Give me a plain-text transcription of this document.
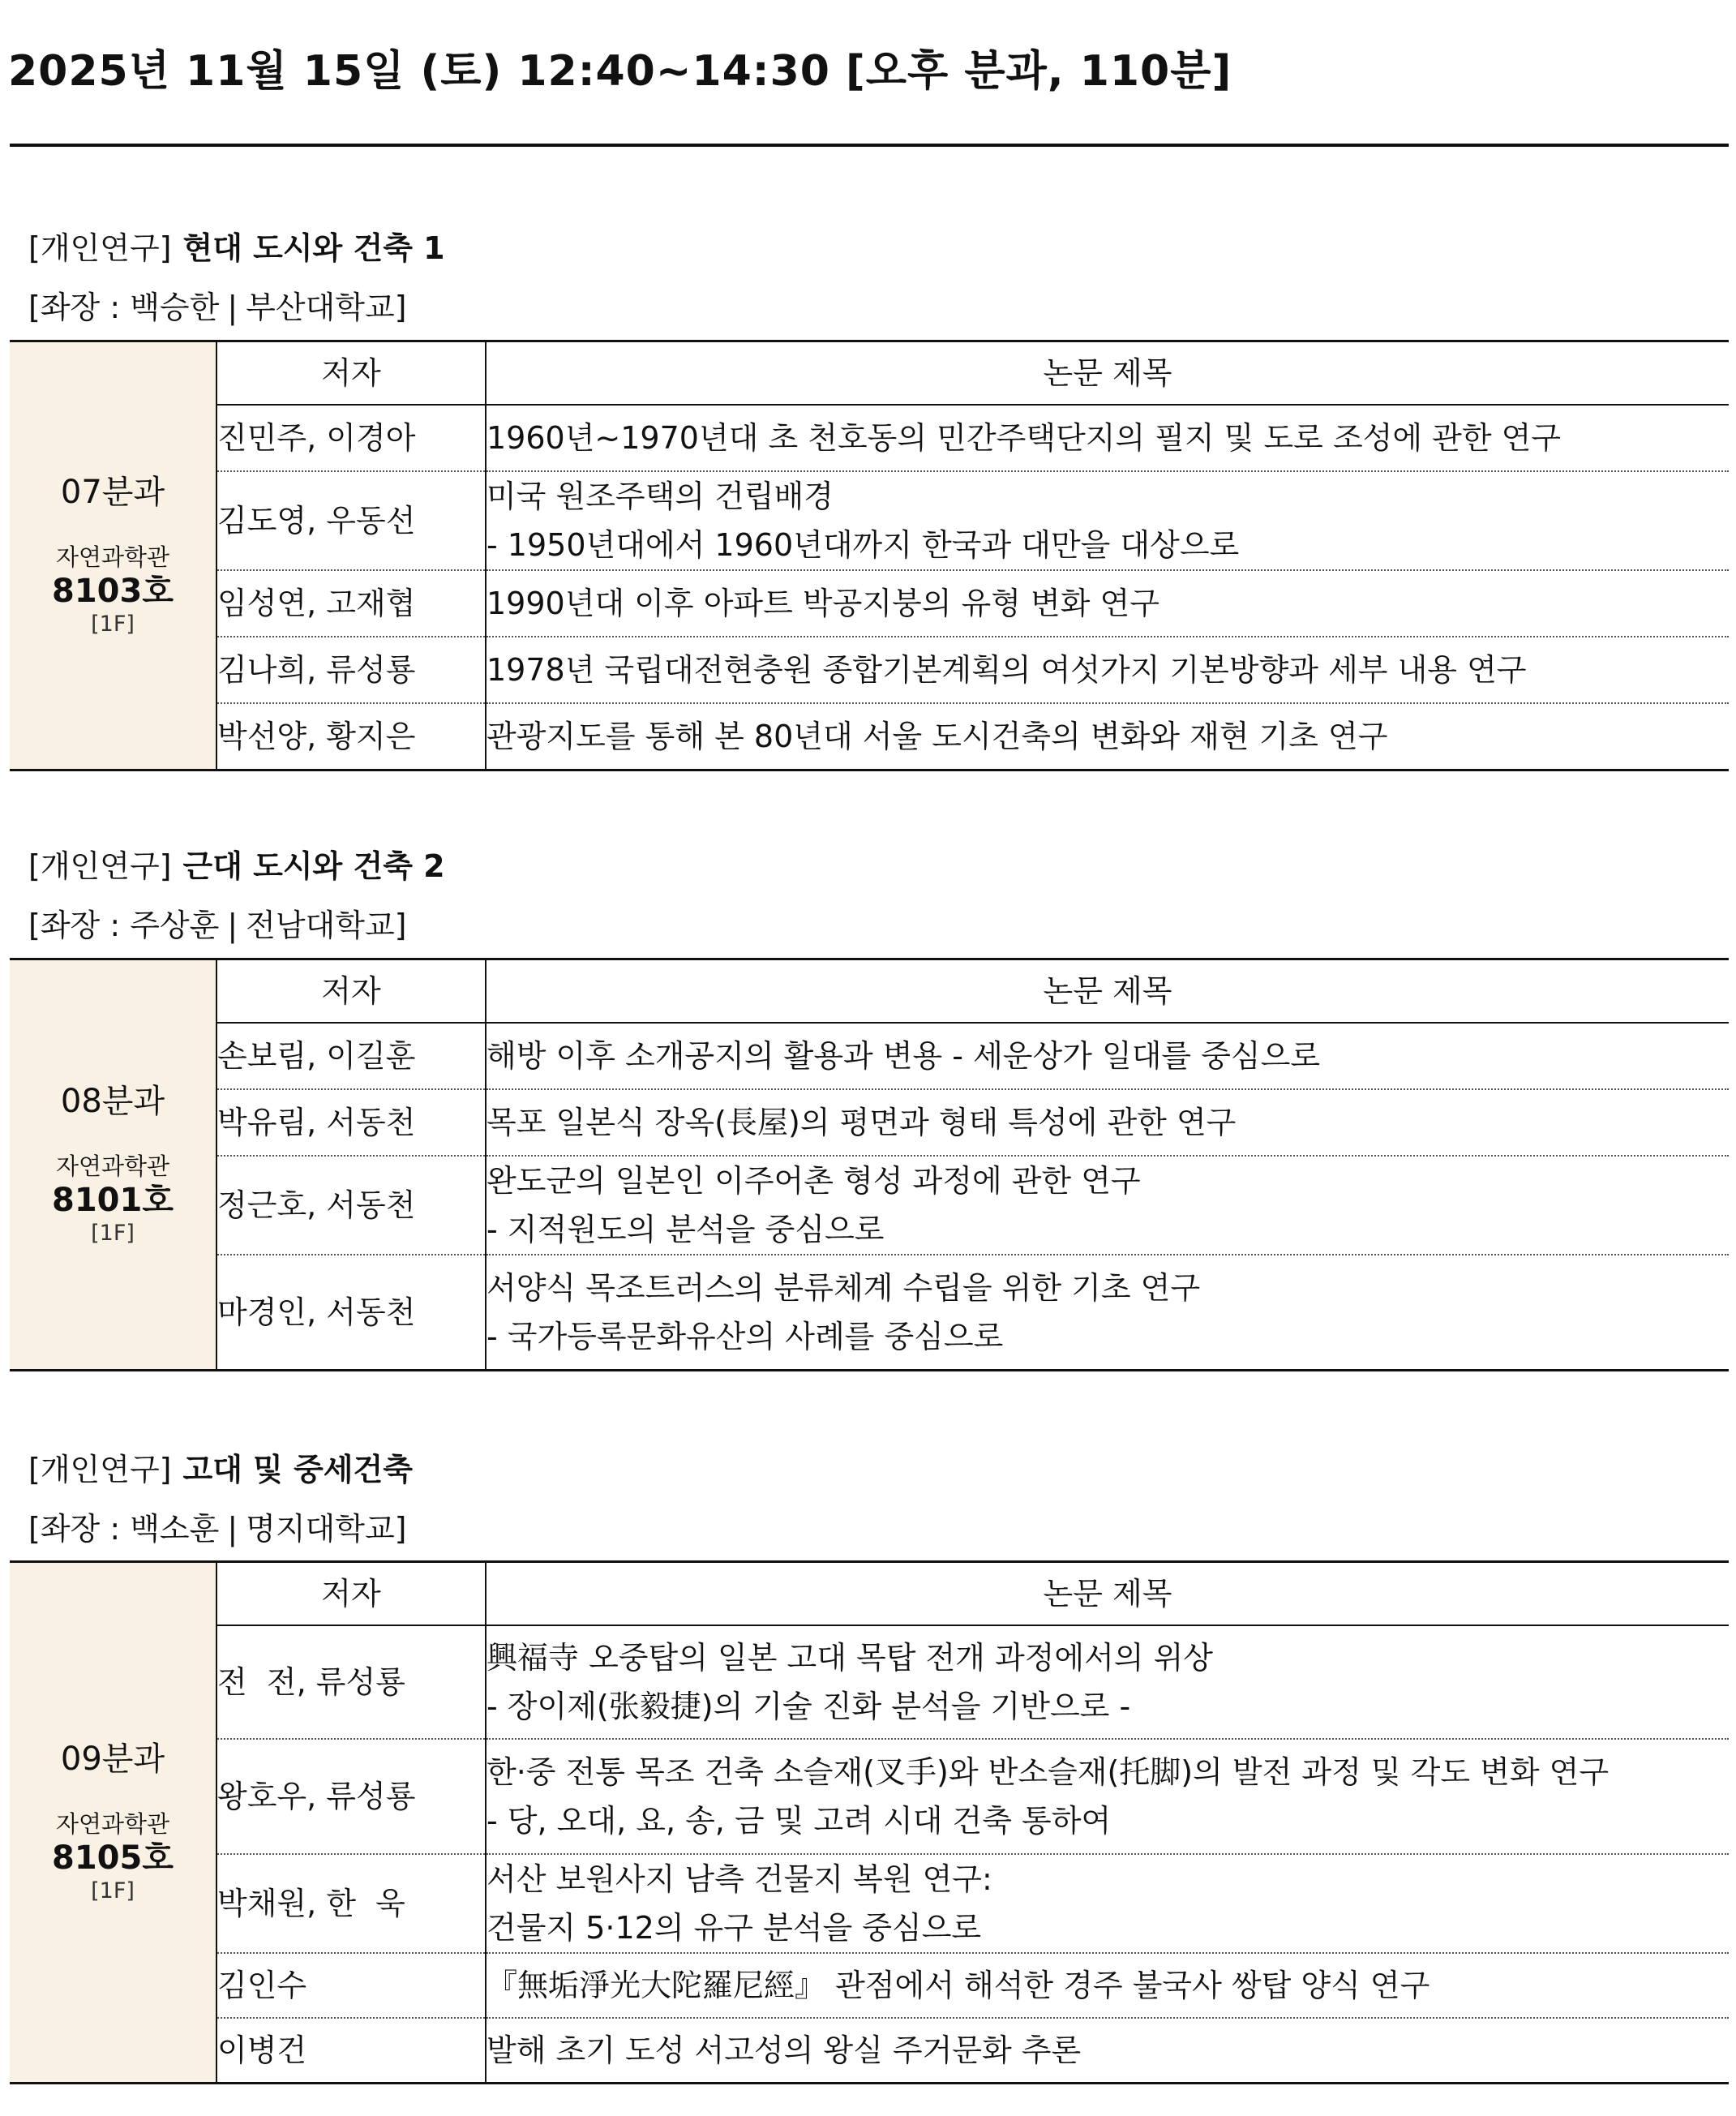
2025년 11월 15일 (토) 12:40~14:30 [오후 분과, 110분]
[개인연구] 현대 도시와 건축 1
[좌장 : 백승한 | 부산대학교]
07분과
자연과학관
8103호
[1F]	저자	논문 제목
	진민주, 이경아	1960년~1970년대 초 천호동의 민간주택단지의 필지 및 도로 조성에 관한 연구

	김도영, 우동선	미국 원조주택의 건립배경
- 1950년대에서 1960년대까지 한국과 대만을 대상으로

	임성연, 고재협	1990년대 이후 아파트 박공지붕의 유형 변화 연구

	김나희, 류성룡	1978년 국립대전현충원 종합기본계획의 여섯가지 기본방향과 세부 내용 연구

	박선양, 황지은	관광지도를 통해 본 80년대 서울 도시건축의 변화와 재현 기초 연구
[개인연구] 근대 도시와 건축 2
[좌장 : 주상훈 | 전남대학교]
08분과
자연과학관
8101호
[1F]	저자	논문 제목
	손보림, 이길훈	해방 이후 소개공지의 활용과 변용 - 세운상가 일대를 중심으로

	박유림, 서동천	목포 일본식 장옥(長屋)의 평면과 형태 특성에 관한 연구

	정근호, 서동천	완도군의 일본인 이주어촌 형성 과정에 관한 연구
- 지적원도의 분석을 중심으로

	마경인, 서동천	서양식 목조트러스의 분류체계 수립을 위한 기초 연구
- 국가등록문화유산의 사례를 중심으로
[개인연구] 고대 및 중세건축
[좌장 : 백소훈 | 명지대학교]
09분과
자연과학관
8105호
[1F]	저자	논문 제목
	전  전, 류성룡	興福寺 오중탑의 일본 고대 목탑 전개 과정에서의 위상
- 장이제(张毅捷)의 기술 진화 분석을 기반으로 -

	왕호우, 류성룡	한·중 전통 목조 건축 소슬재(叉手)와 반소슬재(托脚)의 발전 과정 및 각도 변화 연구
- 당, 오대, 요, 송, 금 및 고려 시대 건축 통하여

	박채원, 한  욱	서산 보원사지 남측 건물지 복원 연구:
건물지 5·12의 유구 분석을 중심으로

	김인수	『無垢淨光大陀羅尼經』 관점에서 해석한 경주 불국사 쌍탑 양식 연구

	이병건	발해 초기 도성 서고성의 왕실 주거문화 추론
